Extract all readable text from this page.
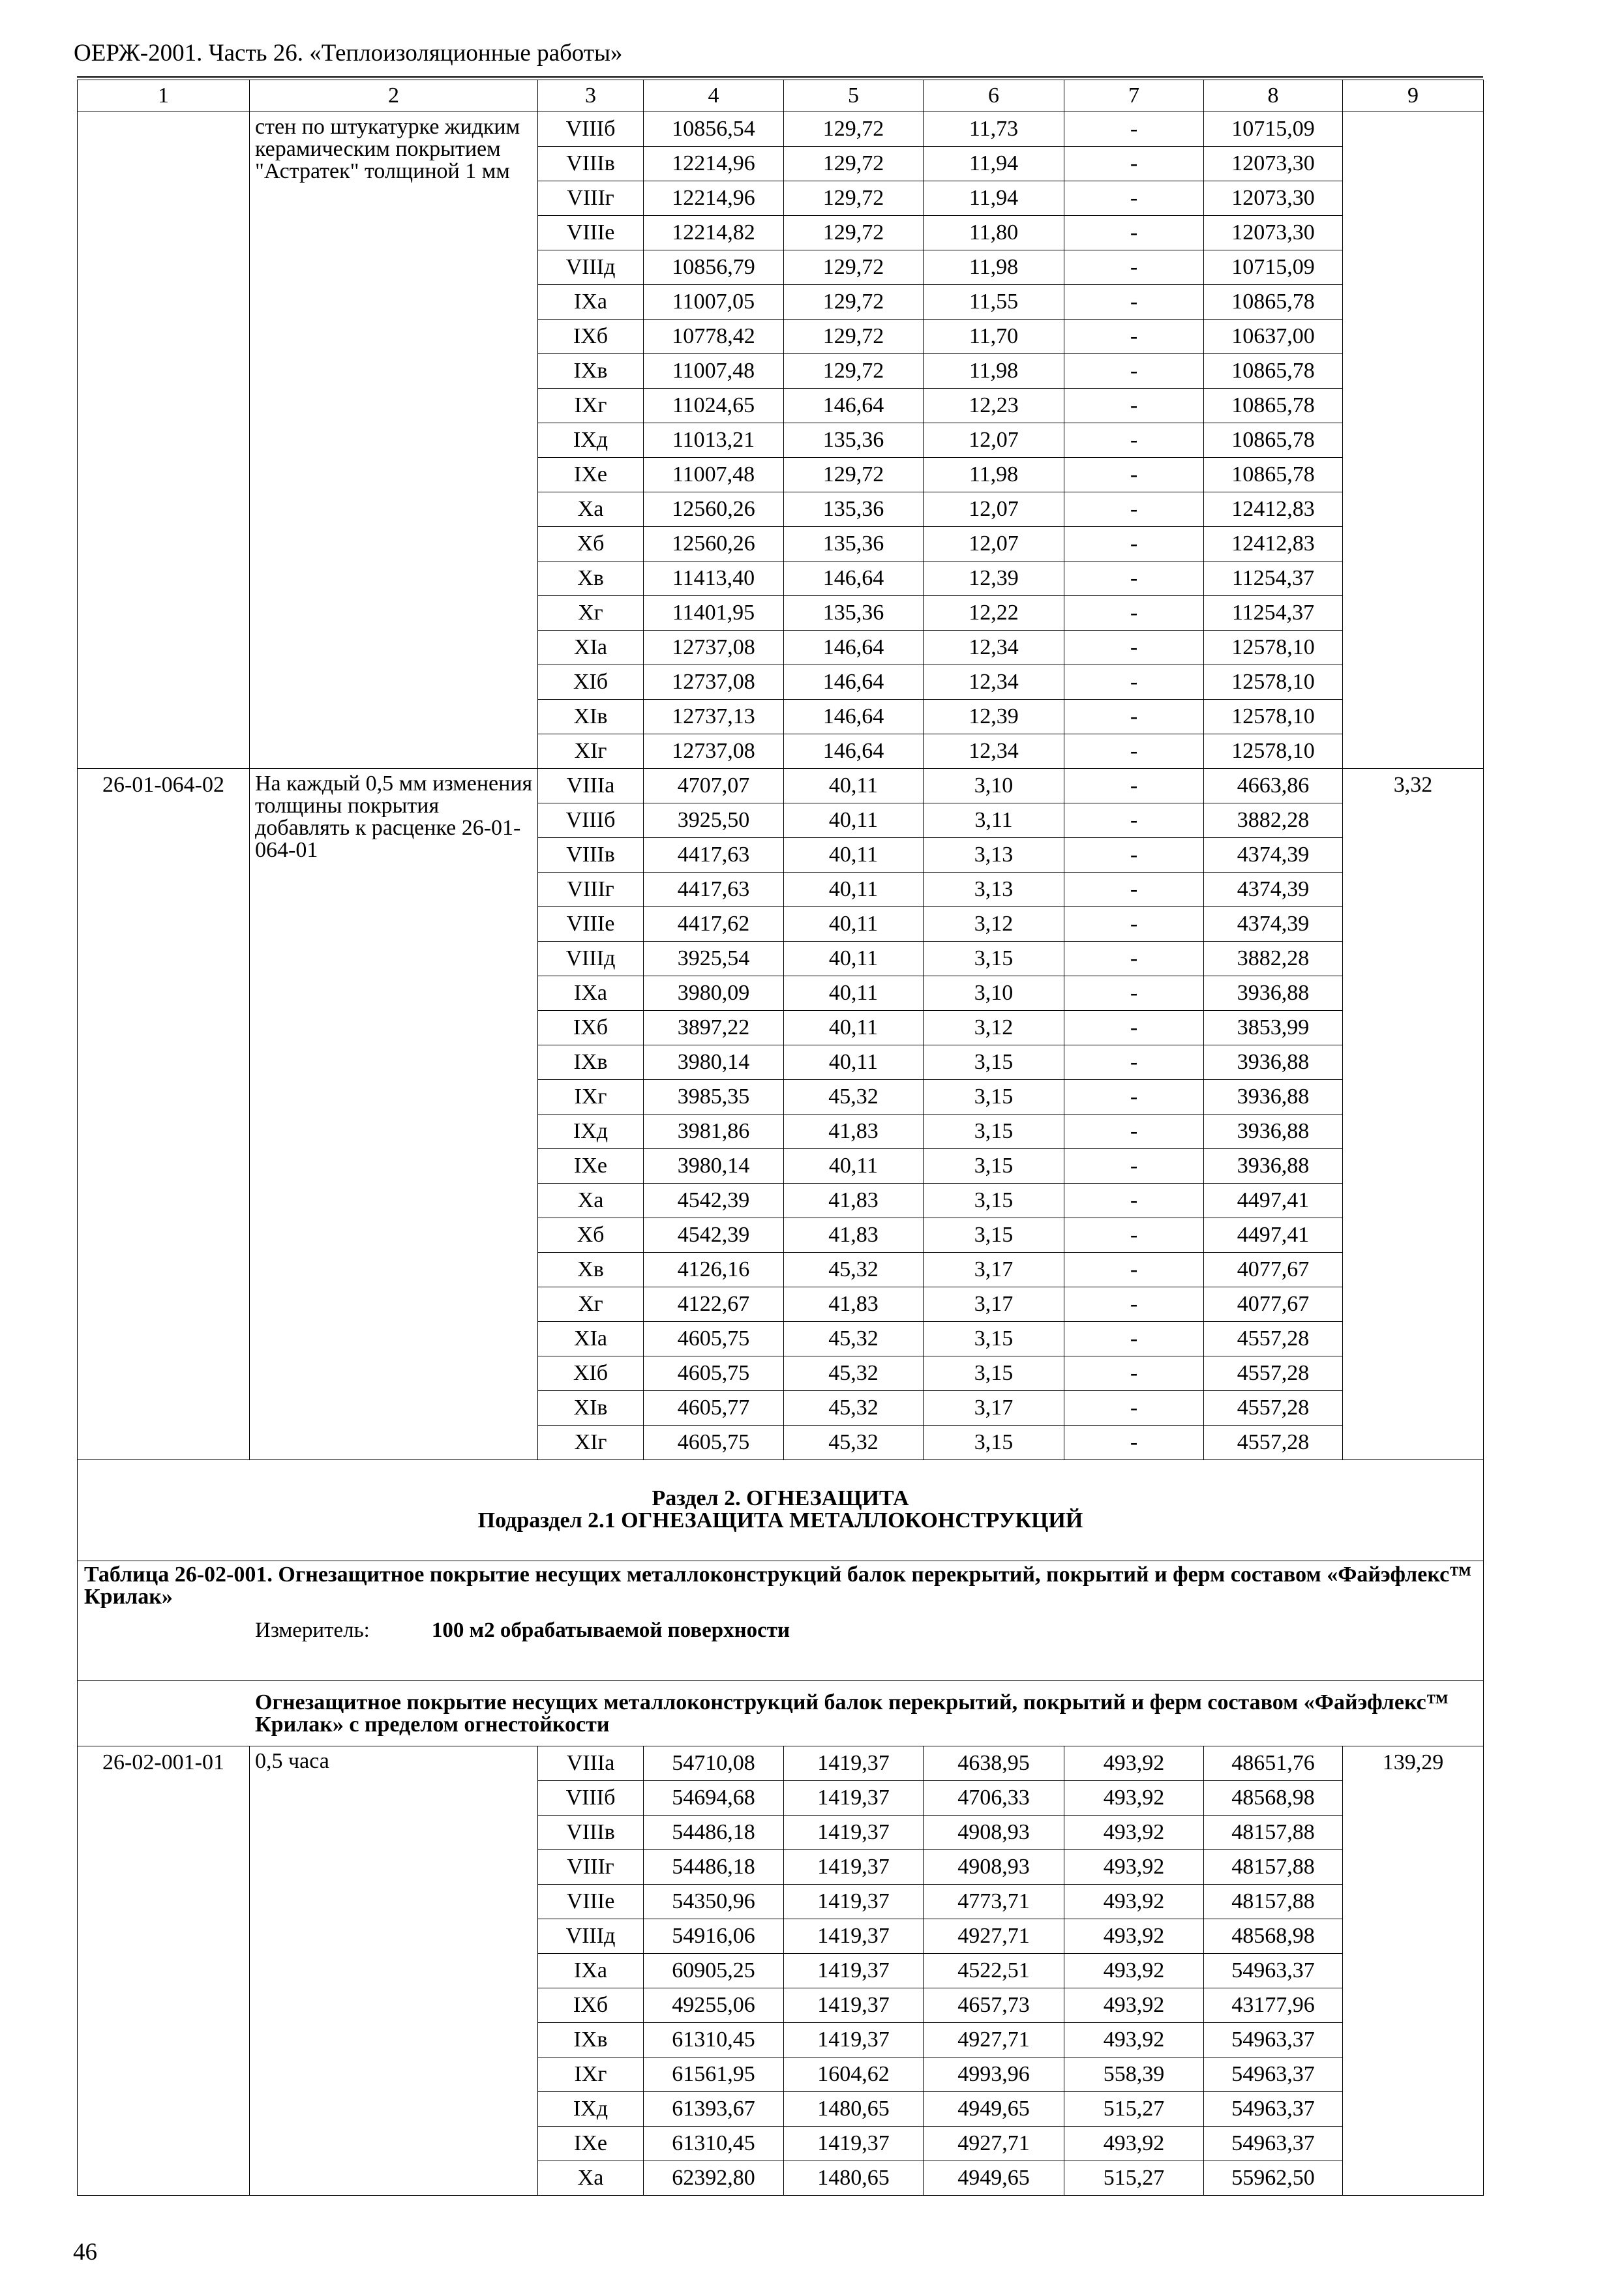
ОЕРЖ-2001. Часть 26. «Теплоизоляционные работы»
1	2	3	4	5	6	7	8	9
	стен по штукатурке жидким керамическим покрытием "Астратек" толщиной 1 мм	VIIIб	10856,54	129,72	11,73	-	10715,09	
		VIIIв	12214,96	129,72	11,94	-	12073,30	
		VIIIг	12214,96	129,72	11,94	-	12073,30	
		VIIIе	12214,82	129,72	11,80	-	12073,30	
		VIIIд	10856,79	129,72	11,98	-	10715,09	
		IXа	11007,05	129,72	11,55	-	10865,78	
		IXб	10778,42	129,72	11,70	-	10637,00	
		IXв	11007,48	129,72	11,98	-	10865,78	
		IXг	11024,65	146,64	12,23	-	10865,78	
		IXд	11013,21	135,36	12,07	-	10865,78	
		IXе	11007,48	129,72	11,98	-	10865,78	
		Xа	12560,26	135,36	12,07	-	12412,83	
		Xб	12560,26	135,36	12,07	-	12412,83	
		Xв	11413,40	146,64	12,39	-	11254,37	
		Xг	11401,95	135,36	12,22	-	11254,37	
		XIа	12737,08	146,64	12,34	-	12578,10	
		XIб	12737,08	146,64	12,34	-	12578,10	
		XIв	12737,13	146,64	12,39	-	12578,10	
		XIг	12737,08	146,64	12,34	-	12578,10	
26-01-064-02	На каждый 0,5 мм изменения толщины покрытия добавлять к расценке 26-01-064-01	VIIIа	4707,07	40,11	3,10	-	4663,86	3,32
		VIIIб	3925,50	40,11	3,11	-	3882,28	
		VIIIв	4417,63	40,11	3,13	-	4374,39	
		VIIIг	4417,63	40,11	3,13	-	4374,39	
		VIIIе	4417,62	40,11	3,12	-	4374,39	
		VIIIд	3925,54	40,11	3,15	-	3882,28	
		IXа	3980,09	40,11	3,10	-	3936,88	
		IXб	3897,22	40,11	3,12	-	3853,99	
		IXв	3980,14	40,11	3,15	-	3936,88	
		IXг	3985,35	45,32	3,15	-	3936,88	
		IXд	3981,86	41,83	3,15	-	3936,88	
		IXе	3980,14	40,11	3,15	-	3936,88	
		Xа	4542,39	41,83	3,15	-	4497,41	
		Xб	4542,39	41,83	3,15	-	4497,41	
		Xв	4126,16	45,32	3,17	-	4077,67	
		Xг	4122,67	41,83	3,17	-	4077,67	
		XIа	4605,75	45,32	3,15	-	4557,28	
		XIб	4605,75	45,32	3,15	-	4557,28	
		XIв	4605,77	45,32	3,17	-	4557,28	
		XIг	4605,75	45,32	3,15	-	4557,28	

Раздел 2. ОГНЕЗАЩИТА
Подраздел 2.1 ОГНЕЗАЩИТА МЕТАЛЛОКОНСТРУКЦИЙ								

Таблица 26-02-001. Огнезащитное покрытие несущих металлоконструкций балок перекрытий, покрытий и ферм составом «Файэфлекс™ Крилак»
Измеритель: 100 м2 обрабатываемой поверхности								

Огнезащитное покрытие несущих металлоконструкций балок перекрытий, покрытий и ферм составом «Файэфлекс™ Крилак» с пределом огнестойкости								
26-02-001-01	0,5 часа	VIIIа	54710,08	1419,37	4638,95	493,92	48651,76	139,29
		VIIIб	54694,68	1419,37	4706,33	493,92	48568,98	
		VIIIв	54486,18	1419,37	4908,93	493,92	48157,88	
		VIIIг	54486,18	1419,37	4908,93	493,92	48157,88	
		VIIIе	54350,96	1419,37	4773,71	493,92	48157,88	
		VIIIд	54916,06	1419,37	4927,71	493,92	48568,98	
		IXа	60905,25	1419,37	4522,51	493,92	54963,37	
		IXб	49255,06	1419,37	4657,73	493,92	43177,96	
		IXв	61310,45	1419,37	4927,71	493,92	54963,37	
		IXг	61561,95	1604,62	4993,96	558,39	54963,37	
		IXд	61393,67	1480,65	4949,65	515,27	54963,37	
		IXе	61310,45	1419,37	4927,71	493,92	54963,37	
		Xа	62392,80	1480,65	4949,65	515,27	55962,50	
46
